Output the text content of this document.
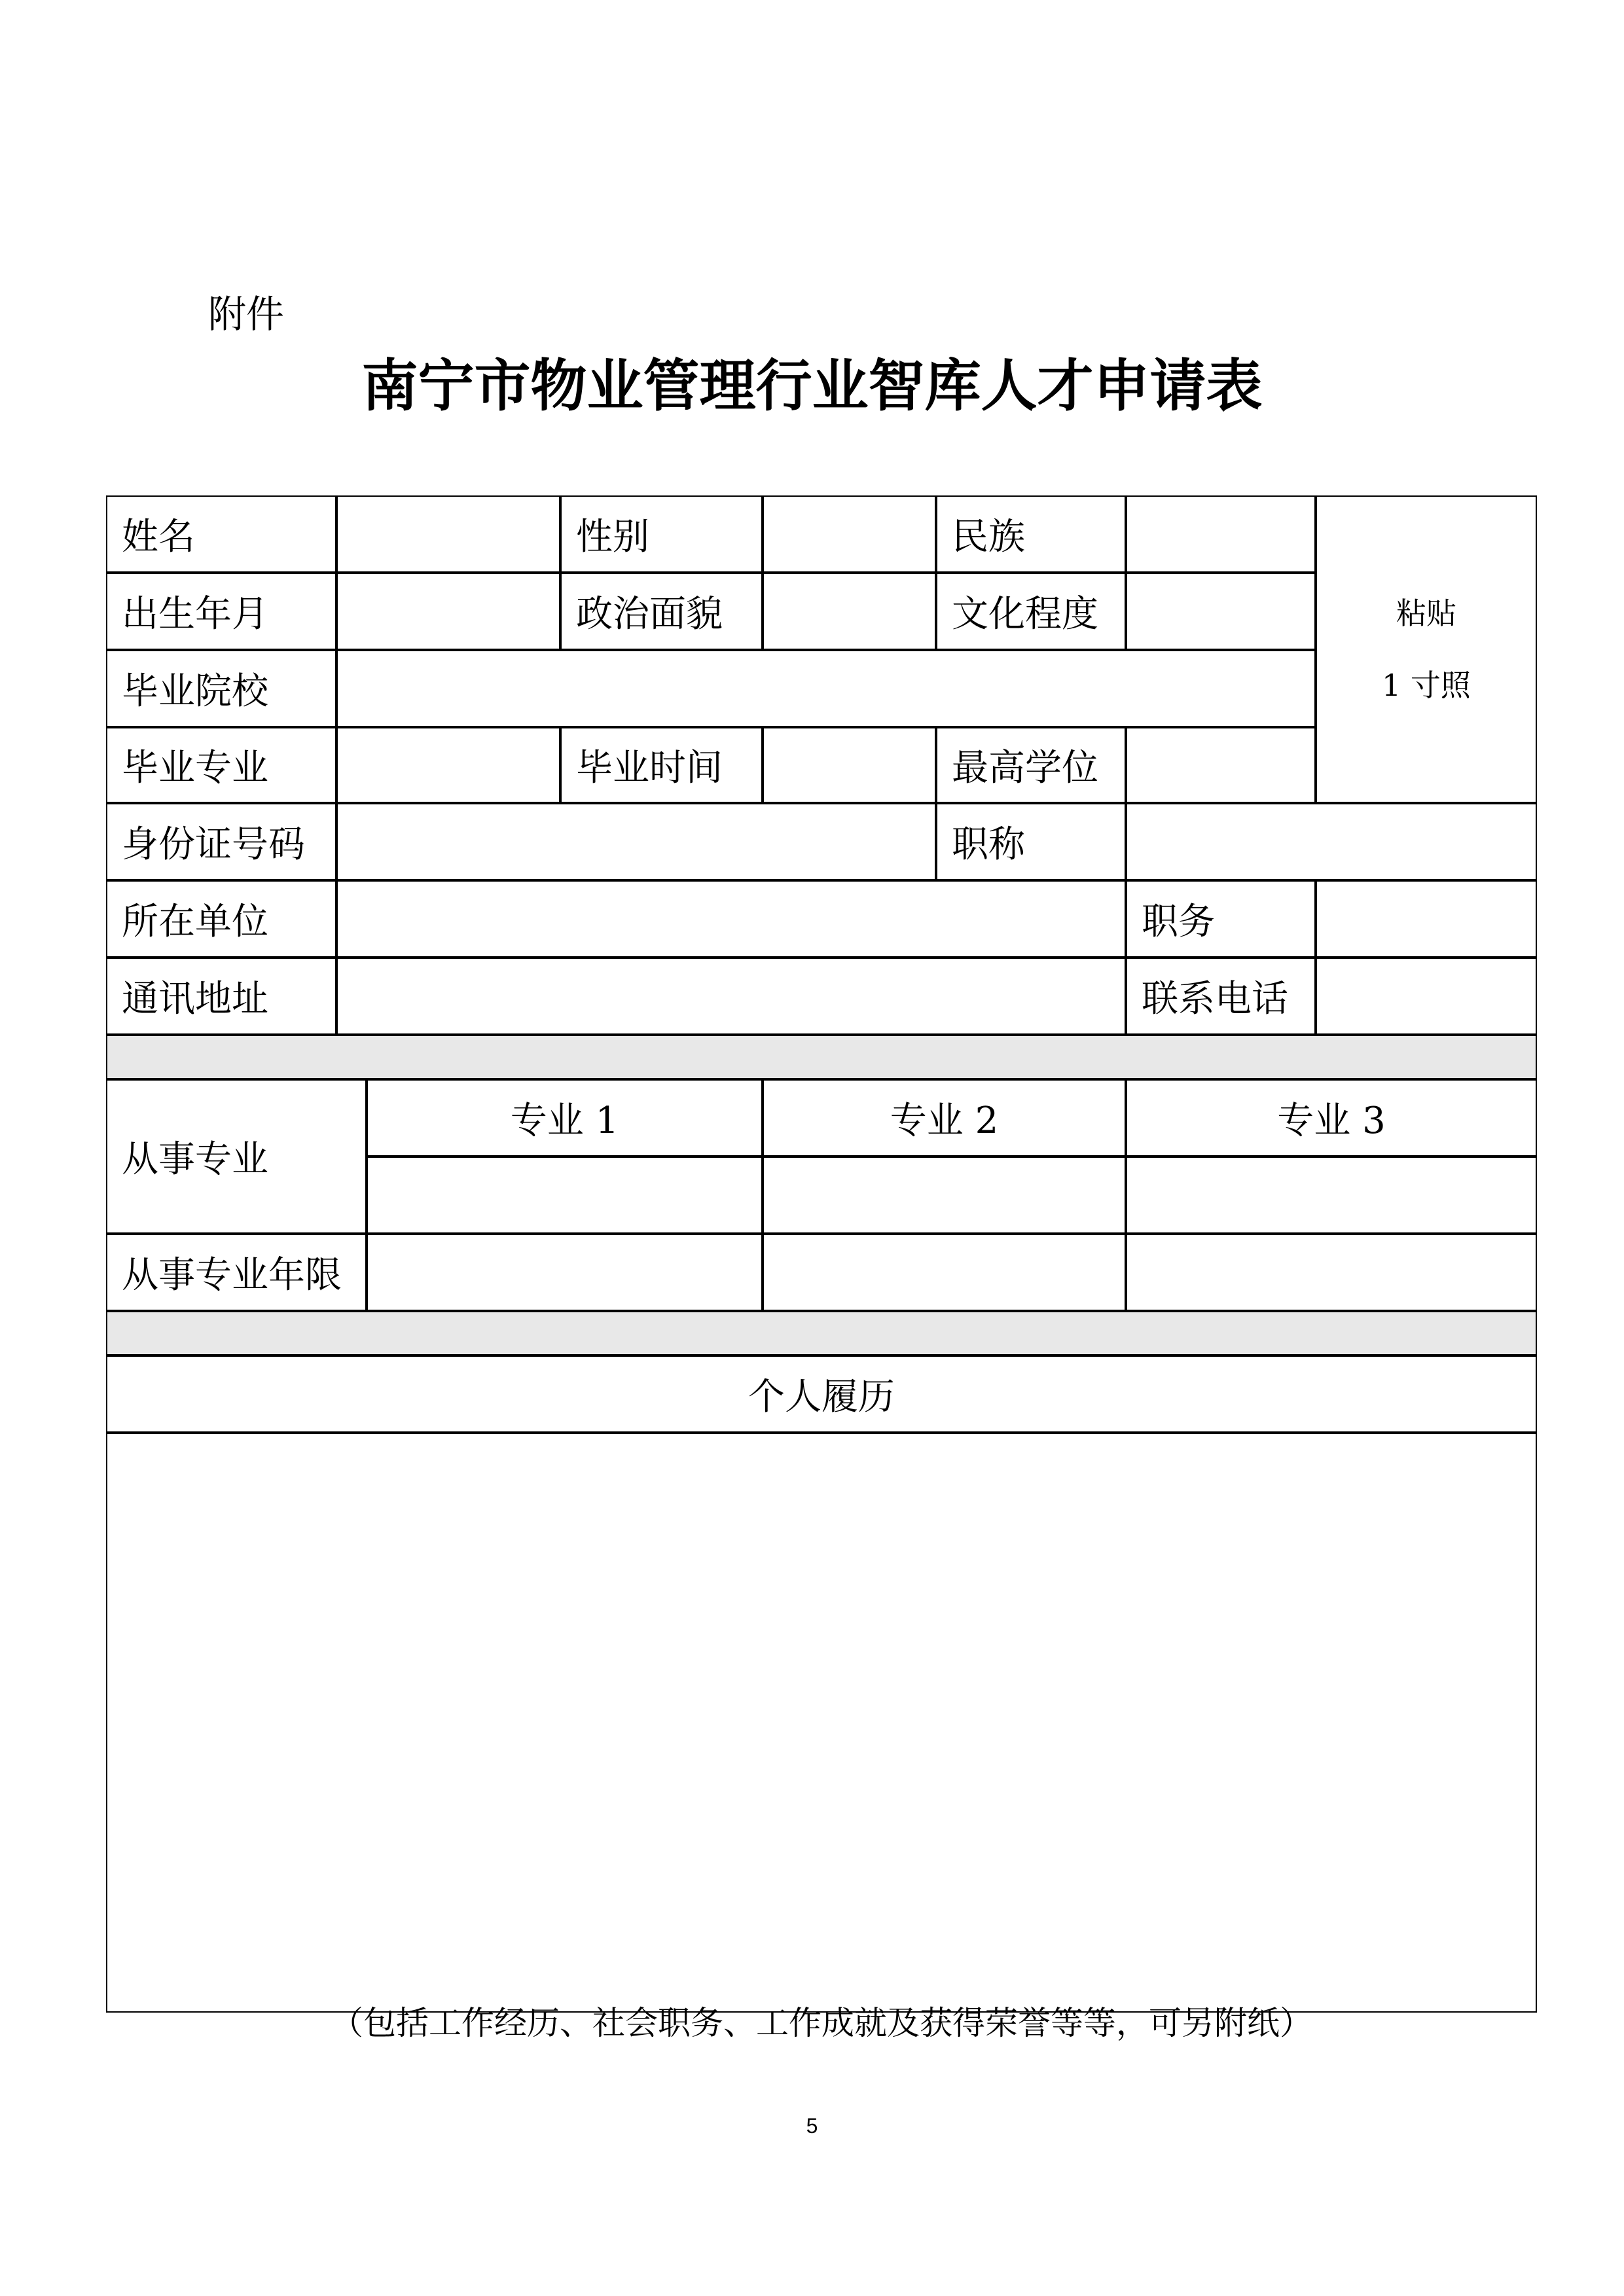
附件
南宁市物业管理行业智库人才申请表
姓名	性别	民族
粘贴
1 寸照
出生年月	政治面貌	文化程度
毕业院校
毕业专业	毕业时间	最高学位
身份证号码	职称
所在单位	职务
通讯地址	联系电话
从事专业
专业 1	专业 2	专业 3
从事专业年限
个人履历
（包括工作经历、社会职务、工作成就及获得荣誉等等，可另附纸）
5
